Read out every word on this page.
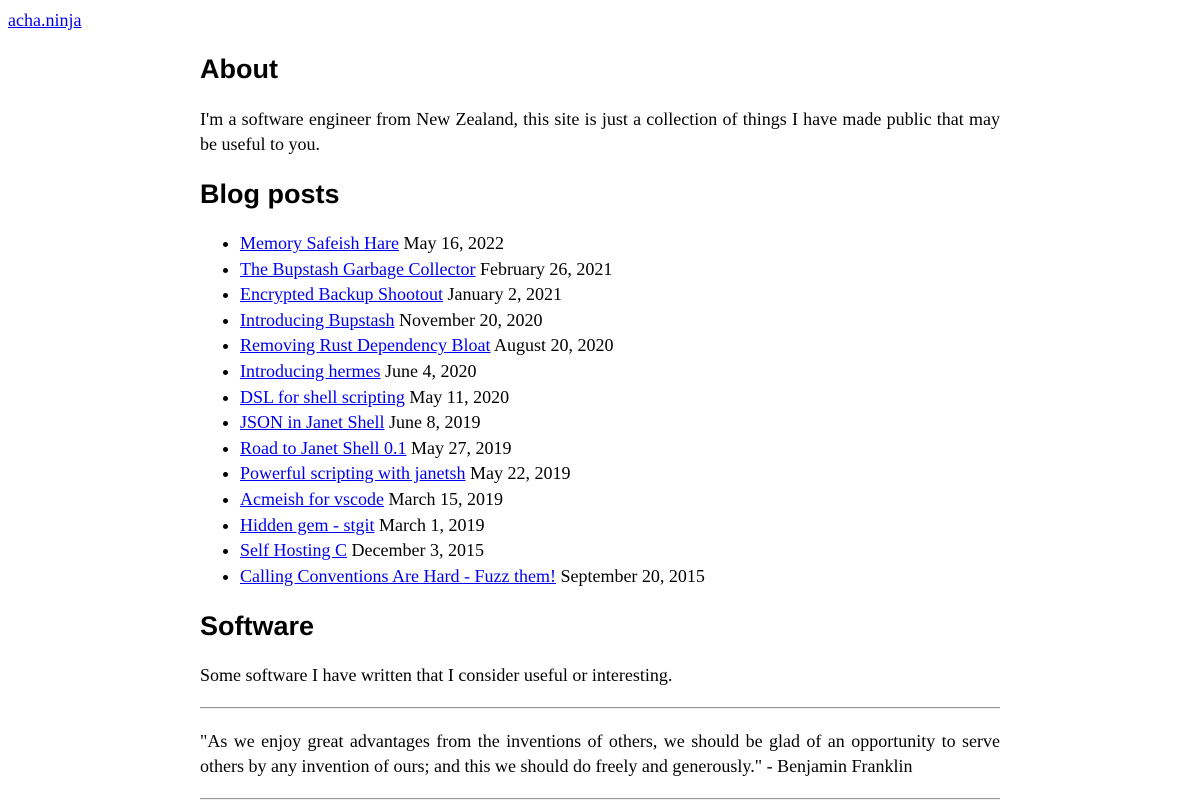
acha.ninja
About

I'm a software engineer from New Zealand, this site is just a collection of things I have made public that may be useful to you.

Blog posts
• Memory Safeish Hare May 16, 2022
• The Bupstash Garbage Collector February 26, 2021
• Encrypted Backup Shootout January 2, 2021
• Introducing Bupstash November 20, 2020
• Removing Rust Dependency Bloat August 20, 2020
• Introducing hermes June 4, 2020
• DSL for shell scripting May 11, 2020
• JSON in Janet Shell June 8, 2019
• Road to Janet Shell 0.1 May 27, 2019
• Powerful scripting with janetsh May 22, 2019
• Acmeish for vscode March 15, 2019
• Hidden gem - stgit March 1, 2019
• Self Hosting C December 3, 2015
• Calling Conventions Are Hard - Fuzz them! September 20, 2015
Software

Some software I have written that I consider useful or interesting.

"As we enjoy great advantages from the inventions of others, we should be glad of an opportunity to serve others by any invention of ours; and this we should do freely and generously." - Benjamin Franklin
